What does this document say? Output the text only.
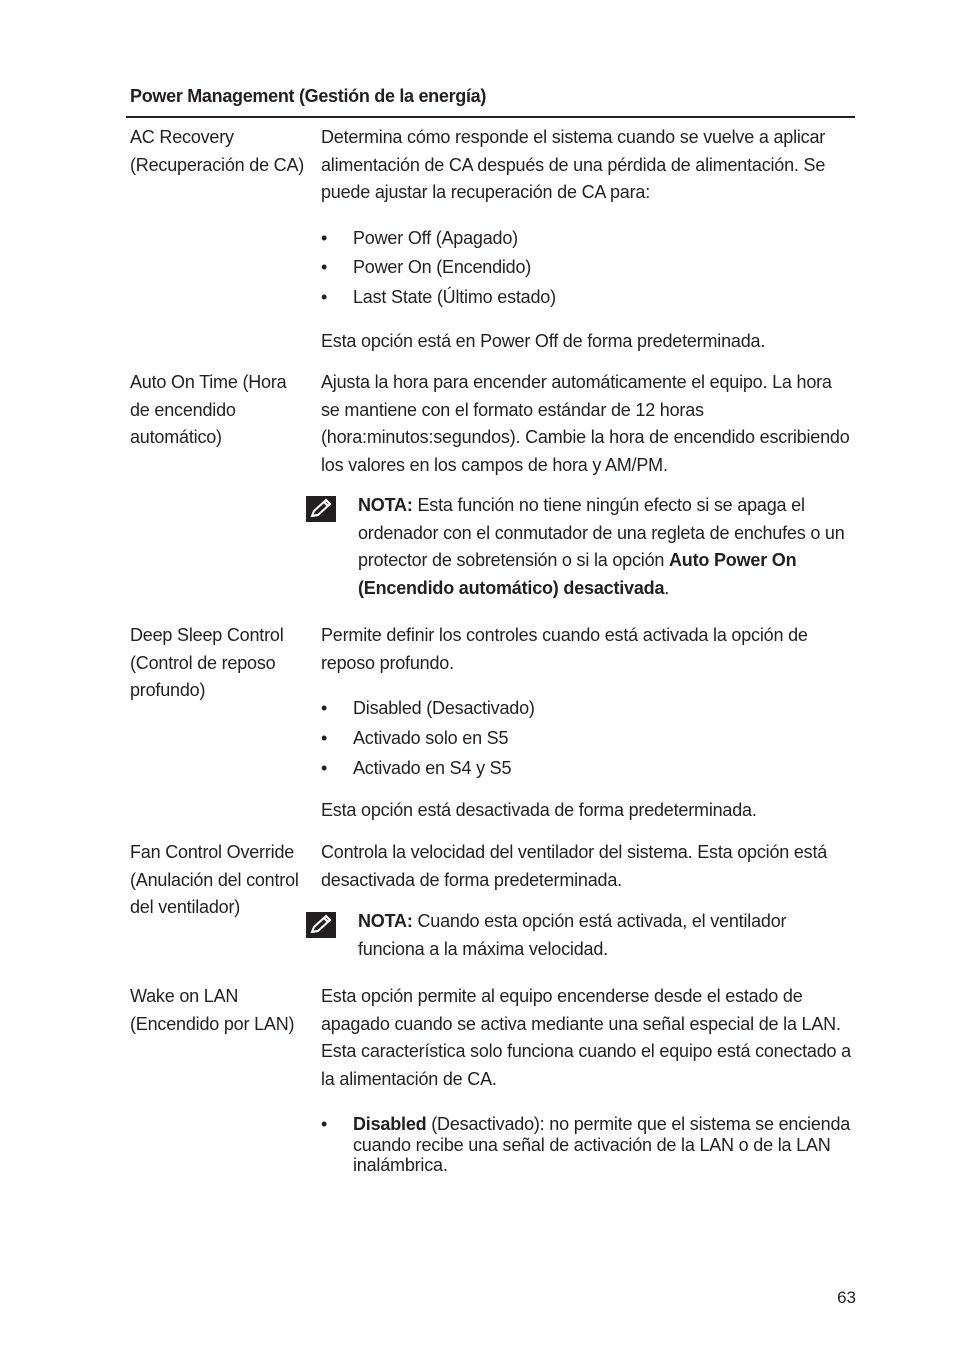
Power Management (Gestión de la energía)
AC Recovery (Recuperación de CA)

Determina cómo responde el sistema cuando se vuelve a aplicar alimentación de CA después de una pérdida de alimentación. Se puede ajustar la recuperación de CA para:

• Power Off (Apagado)
• Power On (Encendido)
• Last State (Último estado)

Esta opción está en Power Off de forma predeterminada.

Auto On Time (Hora de encendido automático)

Ajusta la hora para encender automáticamente el equipo. La hora se mantiene con el formato estándar de 12 horas (hora:minutos:segundos). Cambie la hora de encendido escribiendo los valores en los campos de hora y AM/PM.

NOTA: Esta función no tiene ningún efecto si se apaga el ordenador con el conmutador de una regleta de enchufes o un protector de sobretensión o si la opción Auto Power On (Encendido automático) desactivada.
Deep Sleep Control (Control de reposo profundo)

Permite definir los controles cuando está activada la opción de reposo profundo.

• Disabled (Desactivado)
• Activado solo en S5
• Activado en S4 y S5

Esta opción está desactivada de forma predeterminada.

Fan Control Override (Anulación del control del ventilador)

Controla la velocidad del ventilador del sistema. Esta opción está desactivada de forma predeterminada.

NOTA: Cuando esta opción está activada, el ventilador funciona a la máxima velocidad.
Wake on LAN (Encendido por LAN)

Esta opción permite al equipo encenderse desde el estado de apagado cuando se activa mediante una señal especial de la LAN. Esta característica solo funciona cuando el equipo está conectado a la alimentación de CA.

• Disabled (Desactivado): no permite que el sistema se encienda cuando recibe una señal de activación de la LAN o de la LAN inalámbrica.
63
